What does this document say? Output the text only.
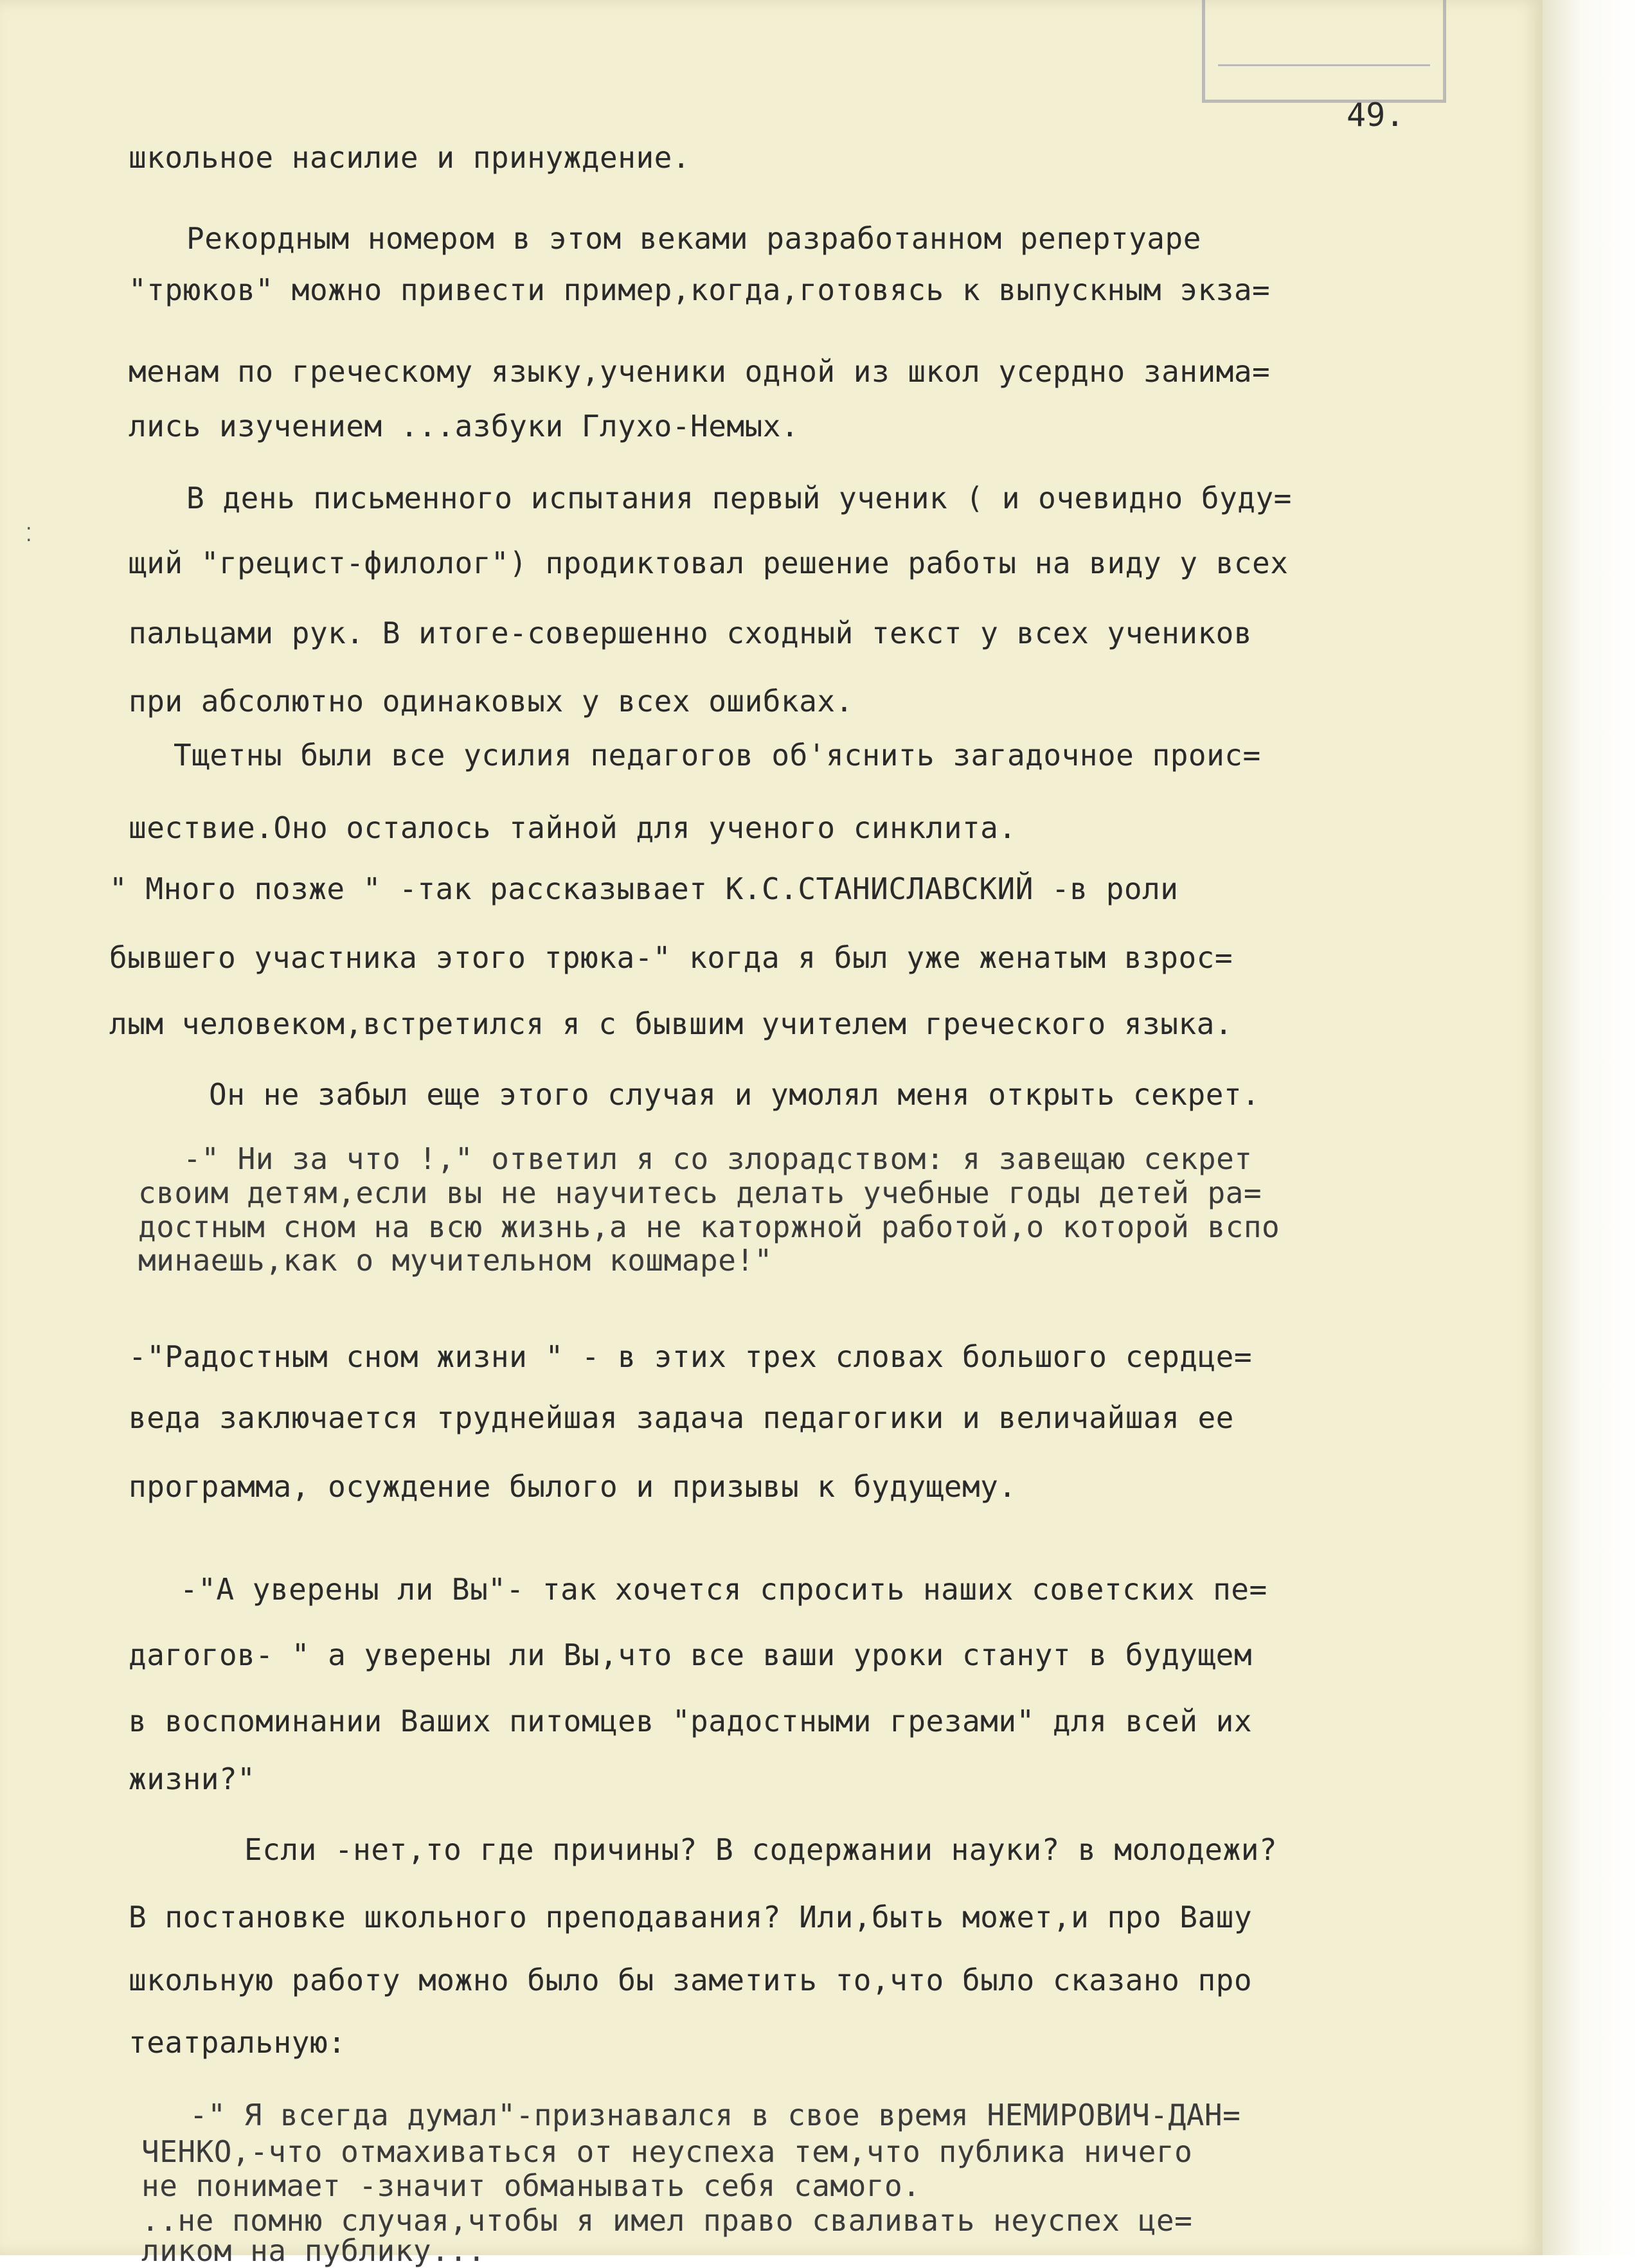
⁚
49.
школьное насилие и принуждение.
Рекордным номером в этом веками разработанном репертуаре
"трюков" можно привести пример,когда,готовясь к выпускным экза=
менам по греческому языку,ученики одной из школ усердно занима=
лись изучением ...азбуки Глухо-Немых.
В день письменного испытания первый ученик ( и очевидно буду=
щий "грецист-филолог") продиктовал решение работы на виду у всех
пальцами рук. В итоге-совершенно сходный текст у всех учеников
при абсолютно одинаковых у всех ошибках.
Тщетны были все усилия педагогов об'яснить загадочное проис=
шествие.Оно осталось тайной для ученого синклита.
" Много позже " -так рассказывает К.С.СТАНИСЛАВСКИЙ -в роли
бывшего участника этого трюка-" когда я был уже женатым взрос=
лым человеком,встретился я с бывшим учителем греческого языка.
Он не забыл еще этого случая и умолял меня открыть секрет.
-" Ни за что !," ответил я со злорадством: я завещаю секрет
своим детям,если вы не научитесь делать учебные годы детей ра=
достным сном на всю жизнь,а не каторжной работой,о которой вспо
минаешь,как о мучительном кошмаре!"
-"Радостным сном жизни " - в этих трех словах большого сердце=
веда заключается труднейшая задача педагогики и величайшая ее
программа, осуждение былого и призывы к будущему.
-"А уверены ли Вы"- так хочется спросить наших советских пе=
дагогов- " а уверены ли Вы,что все ваши уроки станут в будущем
в воспоминании Ваших питомцев "радостными грезами" для всей их
жизни?"
Если -нет,то где причины? В содержании науки? в молодежи?
В постановке школьного преподавания? Или,быть может,и про Вашу
школьную работу можно было бы заметить то,что было сказано про
театральную:
-" Я всегда думал"-признавался в свое время НЕМИРОВИЧ-ДАН=
ЧЕНКО,-что отмахиваться от неуспеха тем,что публика ничего
не понимает -значит обманывать себя самого.
..не помню случая,чтобы я имел право сваливать неуспех це=
ликом на публику...
